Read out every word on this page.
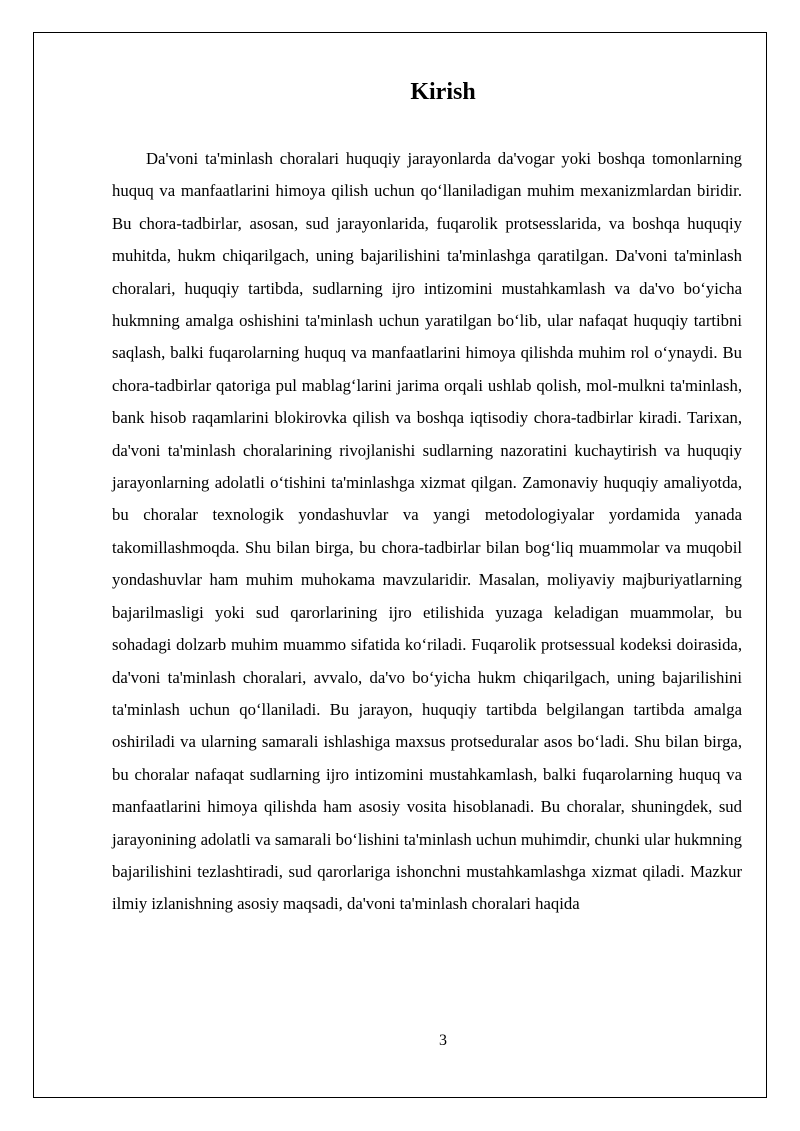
Kirish

Da'voni ta'minlash choralari huquqiy jarayonlarda da'vogar yoki boshqa tomonlarning huquq va manfaatlarini himoya qilish uchun qo‘llaniladigan muhim mexanizmlardan biridir. Bu chora-tadbirlar, asosan, sud jarayonlarida, fuqarolik protsesslarida, va boshqa huquqiy muhitda, hukm chiqarilgach, uning bajarilishini ta'minlashga qaratilgan. Da'voni ta'minlash choralari, huquqiy tartibda, sudlarning ijro intizomini mustahkamlash va da'vo bo‘yicha hukmning amalga oshishini ta'minlash uchun yaratilgan bo‘lib, ular nafaqat huquqiy tartibni saqlash, balki fuqarolarning huquq va manfaatlarini himoya qilishda muhim rol o‘ynaydi. Bu chora-tadbirlar qatoriga pul mablag‘larini jarima orqali ushlab qolish, mol-mulkni ta'minlash, bank hisob raqamlarini blokirovka qilish va boshqa iqtisodiy chora-tadbirlar kiradi. Tarixan, da'voni ta'minlash choralarining rivojlanishi sudlarning nazoratini kuchaytirish va huquqiy jarayonlarning adolatli o‘tishini ta'minlashga xizmat qilgan. Zamonaviy huquqiy amaliyotda, bu choralar texnologik yondashuvlar va yangi metodologiyalar yordamida yanada takomillashmoqda. Shu bilan birga, bu chora-tadbirlar bilan bog‘liq muammolar va muqobil yondashuvlar ham muhim muhokama mavzularidir. Masalan, moliyaviy majburiyatlarning bajarilmasligi yoki sud qarorlarining ijro etilishida yuzaga keladigan muammolar, bu sohadagi dolzarb muhim muammo sifatida ko‘riladi. Fuqarolik protsessual kodeksi doirasida, da'voni ta'minlash choralari, avvalo, da'vo bo‘yicha hukm chiqarilgach, uning bajarilishini ta'minlash uchun qo‘llaniladi. Bu jarayon, huquqiy tartibda belgilangan tartibda amalga oshiriladi va ularning samarali ishlashiga maxsus protseduralar asos bo‘ladi. Shu bilan birga, bu choralar nafaqat sudlarning ijro intizomini mustahkamlash, balki fuqarolarning huquq va manfaatlarini himoya qilishda ham asosiy vosita hisoblanadi. Bu choralar, shuningdek, sud jarayonining adolatli va samarali bo‘lishini ta'minlash uchun muhimdir, chunki ular hukmning bajarilishini tezlashtiradi, sud qarorlariga ishonchni mustahkamlashga xizmat qiladi. Mazkur ilmiy izlanishning asosiy maqsadi, da'voni ta'minlash choralari haqida

3
